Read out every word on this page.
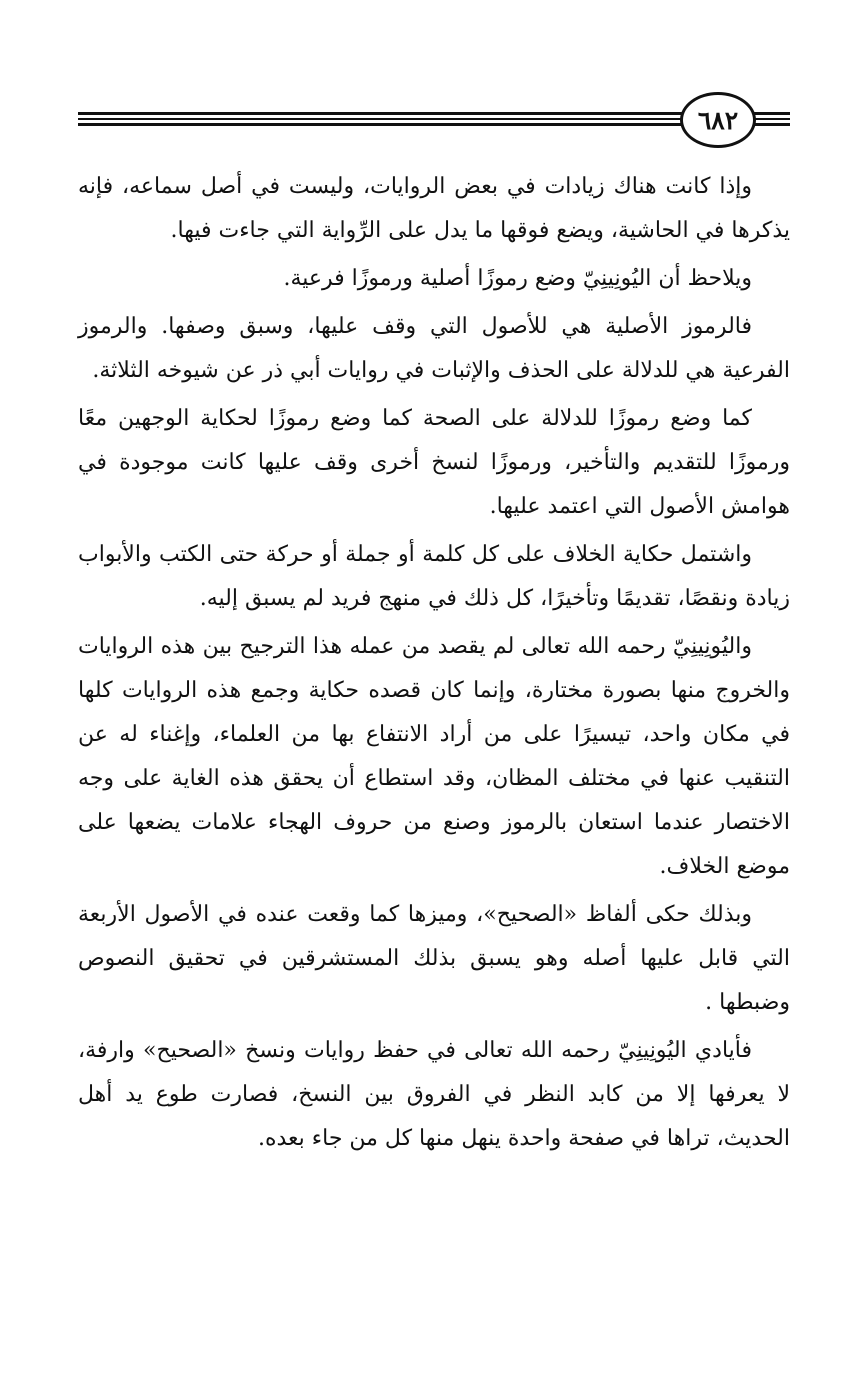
٦٨٢

وإذا كانت هناك زيادات في بعض الروايات، وليست في أصل سماعه، فإنه يذكرها في الحاشية، ويضع فوقها ما يدل على الرِّواية التي جاءت فيها.

ويلاحظ أن اليُونِينِيّ وضع رموزًا أصلية ورموزًا فرعية.

فالرموز الأصلية هي للأصول التي وقف عليها، وسبق وصفها. والرموز الفرعية هي للدلالة على الحذف والإثبات في روايات أبي ذر عن شيوخه الثلاثة.

كما وضع رموزًا للدلالة على الصحة كما وضع رموزًا لحكاية الوجهين معًا ورموزًا للتقديم والتأخير، ورموزًا لنسخ أخرى وقف عليها كانت موجودة في هوامش الأصول التي اعتمد عليها.

واشتمل حكاية الخلاف على كل كلمة أو جملة أو حركة حتى الكتب والأبواب زيادة ونقصًا، تقديمًا وتأخيرًا، كل ذلك في منهج فريد لم يسبق إليه.

واليُونِينِيّ رحمه الله تعالى لم يقصد من عمله هذا الترجيح بين هذه الروايات والخروج منها بصورة مختارة، وإنما كان قصده حكاية وجمع هذه الروايات كلها في مكان واحد، تيسيرًا على من أراد الانتفاع بها من العلماء، وإغناء له عن التنقيب عنها في مختلف المظان، وقد استطاع أن يحقق هذه الغاية على وجه الاختصار عندما استعان بالرموز وصنع من حروف الهجاء علامات يضعها على موضع الخلاف.

وبذلك حكى ألفاظ «الصحيح»، وميزها كما وقعت عنده في الأصول الأربعة التي قابل عليها أصله وهو يسبق بذلك المستشرقين في تحقيق النصوص وضبطها .

فأيادي اليُونِينِيّ رحمه الله تعالى في حفظ روايات ونسخ «الصحيح» وارفة، لا يعرفها إلا من كابد النظر في الفروق بين النسخ، فصارت طوع يد أهل الحديث، تراها في صفحة واحدة ينهل منها كل من جاء بعده.
